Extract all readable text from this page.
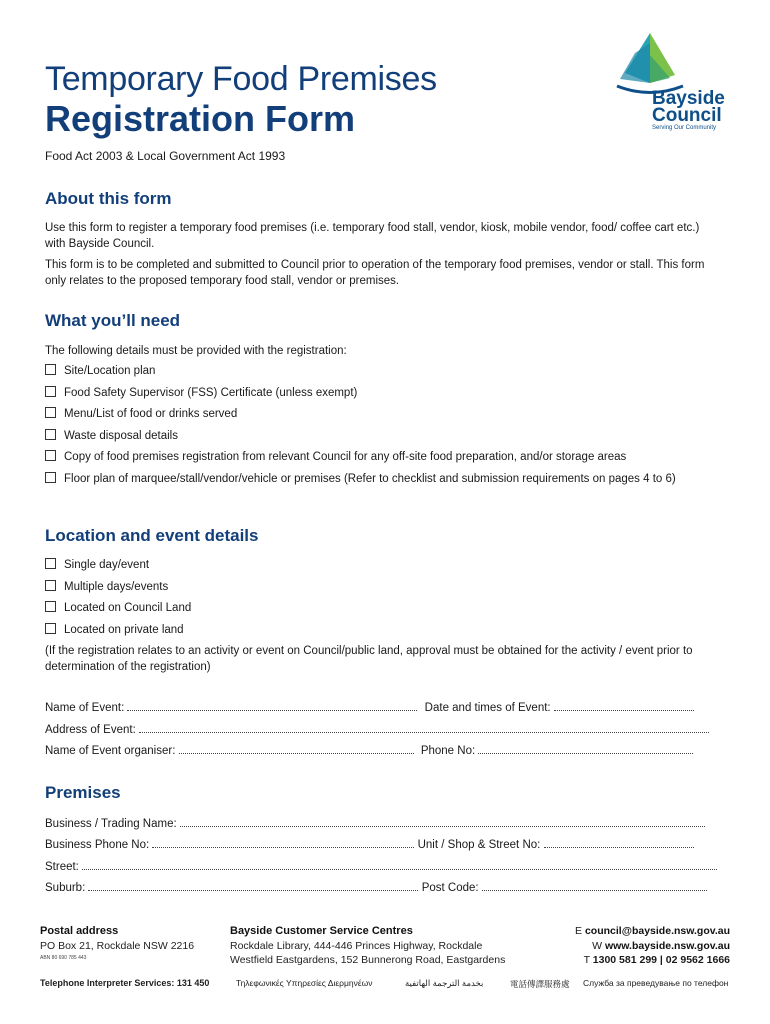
Temporary Food Premises
Registration Form
Food Act 2003 & Local Government Act 1993
Bayside
Council
Serving Our Community
About this form
Use this form to register a temporary food premises (i.e. temporary food stall, vendor, kiosk, mobile vendor, food/ coffee cart etc.) with Bayside Council.
This form is to be completed and submitted to Council prior to operation of the temporary food premises, vendor or stall. This form only relates to the proposed temporary food stall, vendor or premises.
What you’ll need
The following details must be provided with the registration:
Site/Location plan
Food Safety Supervisor (FSS) Certificate (unless exempt)
Menu/List of food or drinks served
Waste disposal details
Copy of food premises registration from relevant Council for any off-site food preparation, and/or storage areas
Floor plan of marquee/stall/vendor/vehicle or premises (Refer to checklist and submission requirements on pages 4 to 6)
Location and event details
Single day/event
Multiple days/events
Located on Council Land
Located on private land
(If the registration relates to an activity or event on Council/public land, approval must be obtained for the activity / event prior to determination of the registration)
Name of Event:	Date and times of Event:
Address of Event:
Name of Event organiser:	Phone No:
Premises
Business / Trading Name:
Business Phone No:	Unit / Shop & Street No:
Street:
Suburb:	Post Code:
Postal address
PO Box 21, Rockdale NSW 2216
ABN 80 690 785 443
Bayside Customer Service Centres
Rockdale Library, 444-446 Princes Highway, Rockdale
Westfield Eastgardens, 152 Bunnerong Road, Eastgardens
E council@bayside.nsw.gov.au
W www.bayside.nsw.gov.au
T 1300 581 299 | 02 9562 1666
Telephone Interpreter Services: 131 450	Τηλεφωνικές Υπηρεσίες Διερμηνέων	بخدمة الترجمة الهاتفية	電話傳譯服務處 Служба за преведување по телефон
